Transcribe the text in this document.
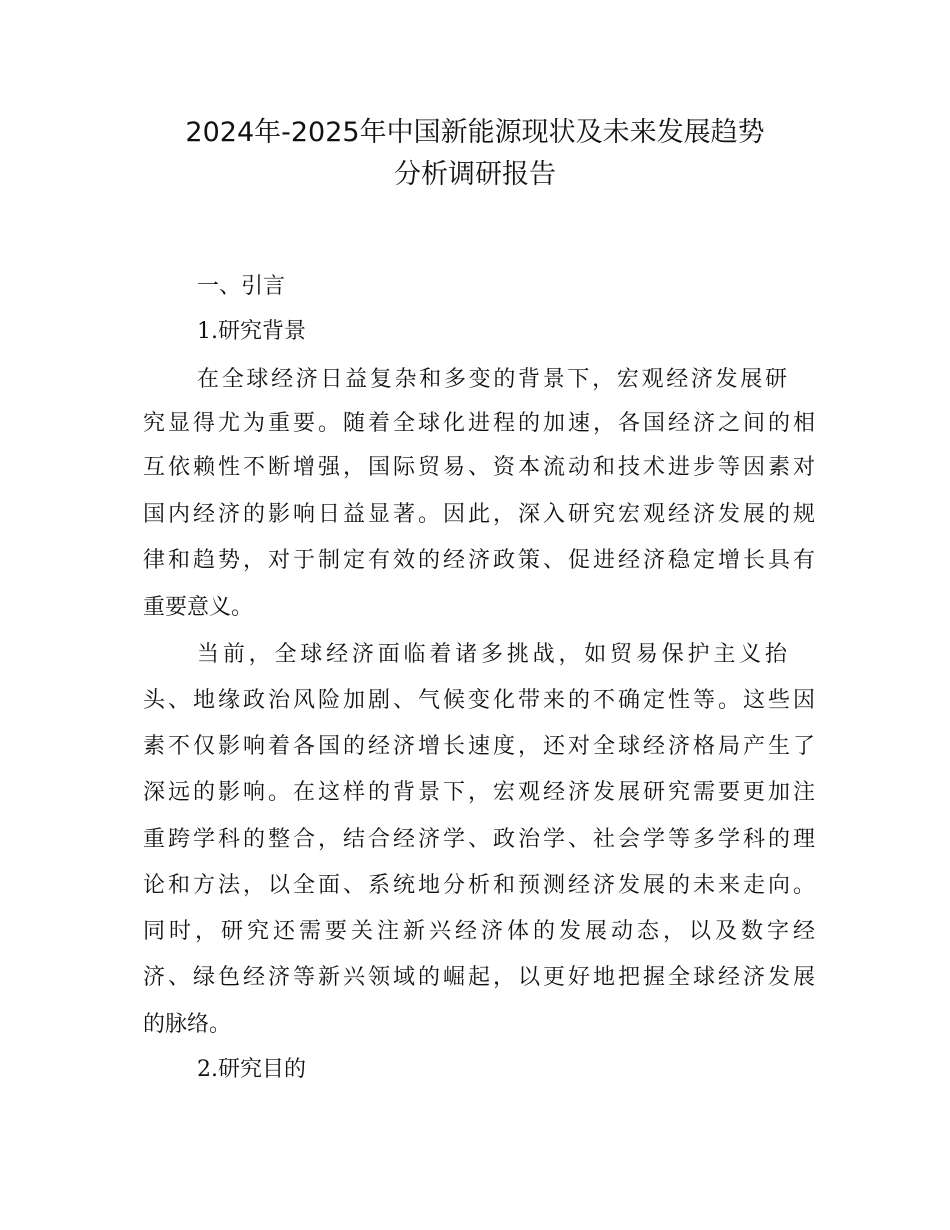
2024年-2025年中国新能源现状及未来发展趋势
分析调研报告
一、引言
1.研究背景
在全球经济日益复杂和多变的背景下，宏观经济发展研
究显得尤为重要。随着全球化进程的加速，各国经济之间的相
互依赖性不断增强，国际贸易、资本流动和技术进步等因素对
国内经济的影响日益显著。因此，深入研究宏观经济发展的规
律和趋势，对于制定有效的经济政策、促进经济稳定增长具有
重要意义。
当前，全球经济面临着诸多挑战，如贸易保护主义抬
头、地缘政治风险加剧、气候变化带来的不确定性等。这些因
素不仅影响着各国的经济增长速度，还对全球经济格局产生了
深远的影响。在这样的背景下，宏观经济发展研究需要更加注
重跨学科的整合，结合经济学、政治学、社会学等多学科的理
论和方法，以全面、系统地分析和预测经济发展的未来走向。
同时，研究还需要关注新兴经济体的发展动态，以及数字经
济、绿色经济等新兴领域的崛起，以更好地把握全球经济发展
的脉络。
2.研究目的
